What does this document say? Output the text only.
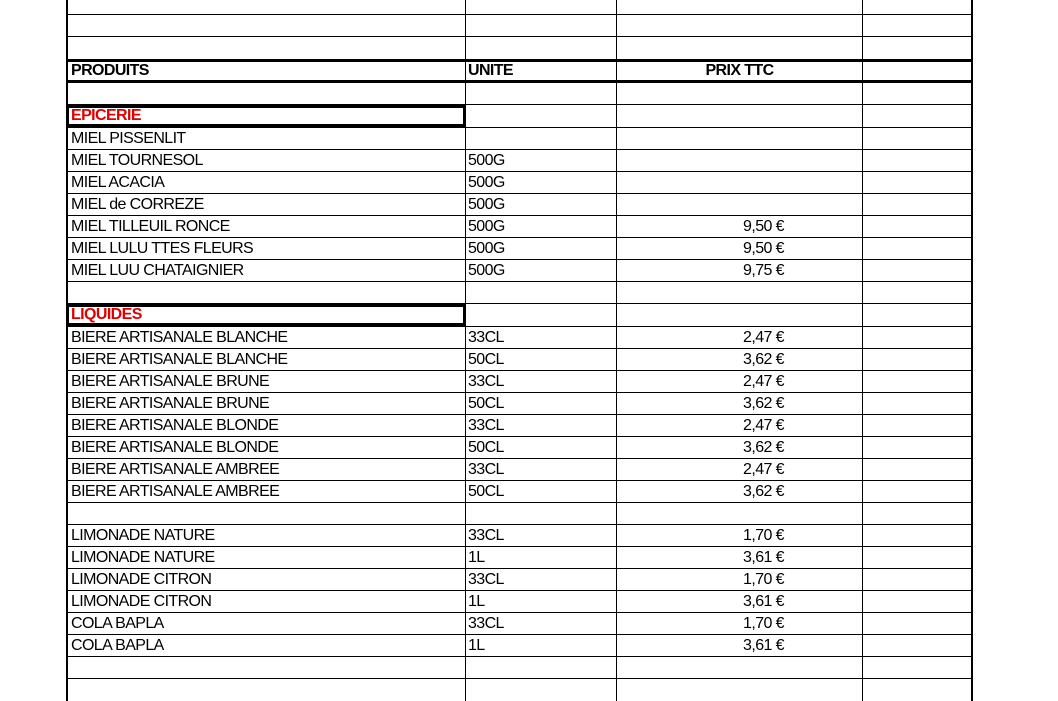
PRODUITS	UNITE	PRIX TTC
EPICERIE
MIEL PISSENLIT
MIEL TOURNESOL	500G
MIEL ACACIA	500G
MIEL de CORREZE	500G
MIEL TILLEUIL RONCE	500G	9,50 €
MIEL LULU TTES FLEURS	500G	9,50 €
MIEL LUU CHATAIGNIER	500G	9,75 €
LIQUIDES
BIERE ARTISANALE BLANCHE	33CL	2,47 €
BIERE ARTISANALE BLANCHE	50CL	3,62 €
BIERE ARTISANALE BRUNE	33CL	2,47 €
BIERE ARTISANALE BRUNE	50CL	3,62 €
BIERE ARTISANALE BLONDE	33CL	2,47 €
BIERE ARTISANALE BLONDE	50CL	3,62 €
BIERE ARTISANALE AMBREE	33CL	2,47 €
BIERE ARTISANALE AMBREE	50CL	3,62 €
LIMONADE NATURE	33CL	1,70 €
LIMONADE NATURE	1L	3,61 €
LIMONADE CITRON	33CL	1,70 €
LIMONADE CITRON	1L	3,61 €
COLA BAPLA	33CL	1,70 €
COLA BAPLA	1L	3,61 €
